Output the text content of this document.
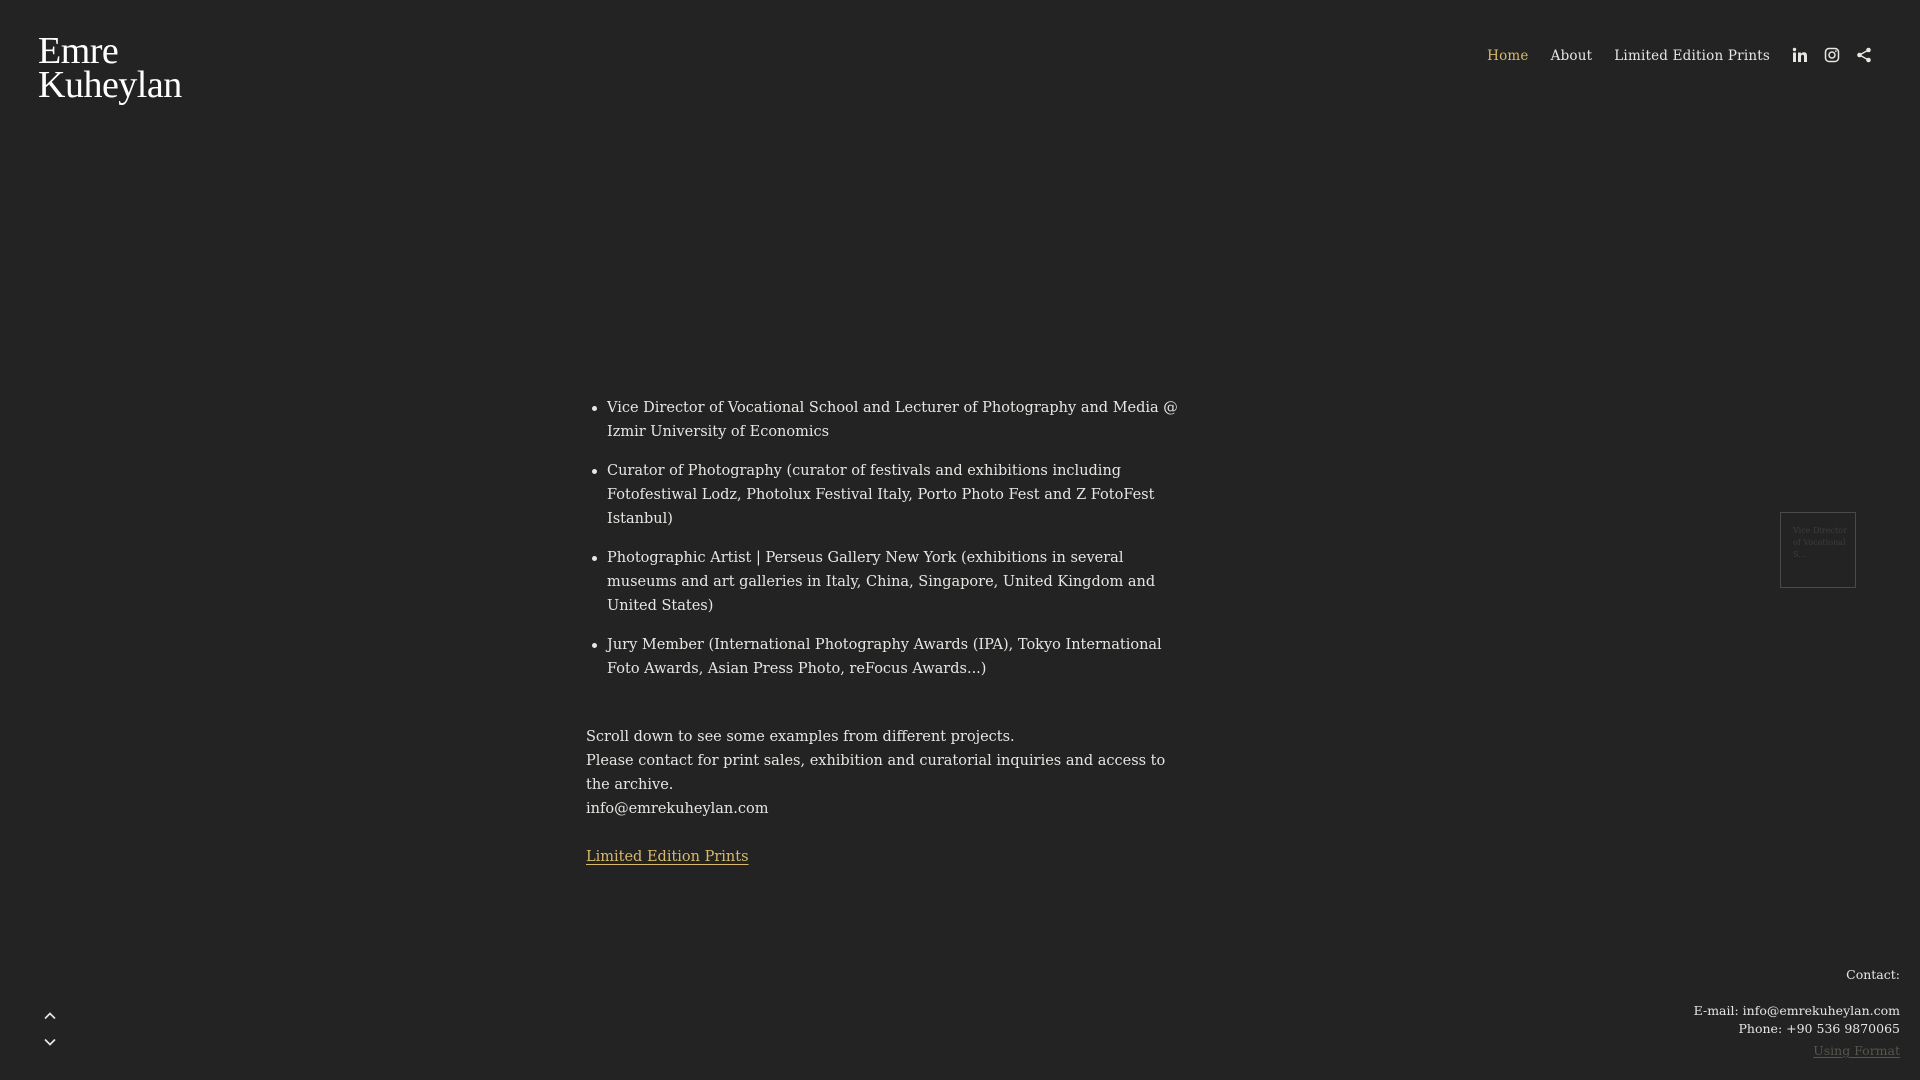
Emre
Kuheylan
Home About Limited Edition Prints
Vice Director of Vocational School and Lecturer of Photography and Media @ Izmir University of Economics
Curator of Photography (curator of festivals and exhibitions including Fotofestiwal Lodz, Photolux Festival Italy, Porto Photo Fest and Z FotoFest Istanbul)
Photographic Artist | Perseus Gallery New York (exhibitions in several museums and art galleries in Italy, China, Singapore, United Kingdom and United States)
Jury Member (International Photography Awards (IPA), Tokyo International Foto Awards, Asian Press Photo, reFocus Awards...)
Scroll down to see some examples from different projects.
Please contact for print sales, exhibition and curatorial inquiries and access to the archive.
info@emrekuheylan.com
Limited Edition Prints
Vice Director of Vocational S...
Contact:
E-mail: info@emrekuheylan.com
Phone: +90 536 9870065
Using Format
